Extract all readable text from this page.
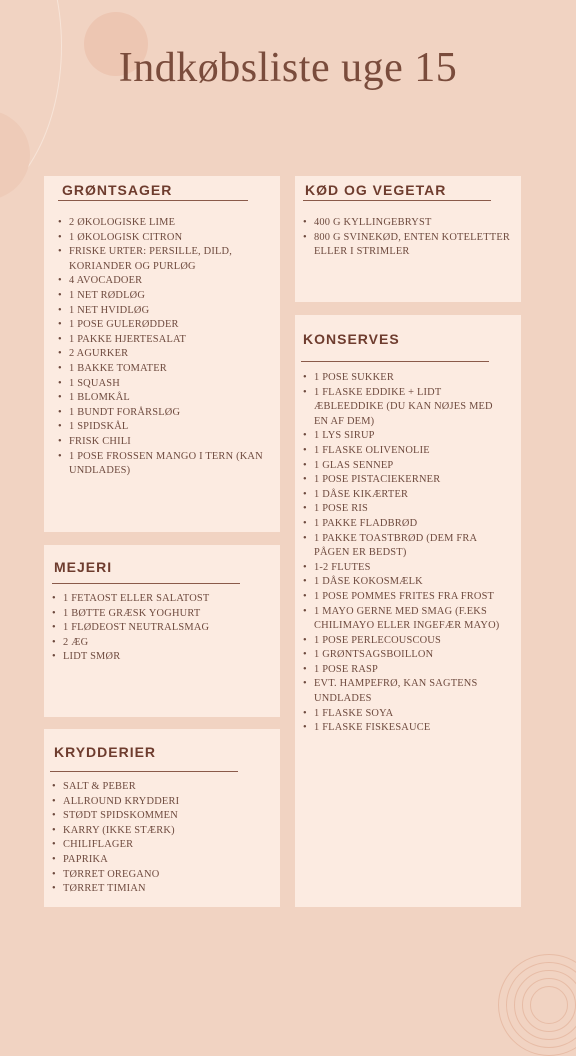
Indkøbsliste uge 15
GRØNTSAGER
• 2 ØKOLOGISKE LIME
• 1 ØKOLOGISK CITRON
• FRISKE URTER: PERSILLE, DILD, KORIANDER OG PURLØG
• 4 AVOCADOER
• 1 NET RØDLØG
• 1 NET HVIDLØG
• 1 POSE GULERØDDER
• 1 PAKKE HJERTESALAT
• 2 AGURKER
• 1 BAKKE TOMATER
• 1 SQUASH
• 1 BLOMKÅL
• 1 BUNDT FORÅRSLØG
• 1 SPIDSKÅL
• FRISK CHILI
• 1 POSE FROSSEN MANGO I TERN (KAN UNDLADES)
KØD OG VEGETAR
• 400 G KYLLINGEBRYST
• 800 G SVINEKØD, ENTEN KOTELETTER ELLER I STRIMLER
KONSERVES
• 1 POSE SUKKER
• 1 FLASKE EDDIKE + LIDT ÆBLEEDDIKE (DU KAN NØJES MED EN AF DEM)
• 1 LYS SIRUP
• 1 FLASKE OLIVENOLIE
• 1 GLAS SENNEP
• 1 POSE PISTACIEKERNER
• 1 DÅSE KIKÆRTER
• 1 POSE RIS
• 1 PAKKE FLADBRØD
• 1 PAKKE TOASTBRØD (DEM FRA PÅGEN ER BEDST)
• 1-2 FLUTES
• 1 DÅSE KOKOSMÆLK
• 1 POSE POMMES FRITES FRA FROST
• 1 MAYO GERNE MED SMAG (F.EKS CHILIMAYO ELLER INGEFÆR MAYO)
• 1 POSE PERLECOUSCOUS
• 1 GRØNTSAGSBOILLON
• 1 POSE RASP
• EVT. HAMPEFRØ, KAN SAGTENS UNDLADES
• 1 FLASKE SOYA
• 1 FLASKE FISKESAUCE
MEJERI
• 1 FETAOST ELLER SALATOST
• 1 BØTTE GRÆSK YOGHURT
• 1 FLØDEOST NEUTRALSMAG
• 2 ÆG
• LIDT SMØR
KRYDDERIER
• SALT & PEBER
• ALLROUND KRYDDERI
• STØDT SPIDSKOMMEN
• KARRY (IKKE STÆRK)
• CHILIFLAGER
• PAPRIKA
• TØRRET OREGANO
• TØRRET TIMIAN
